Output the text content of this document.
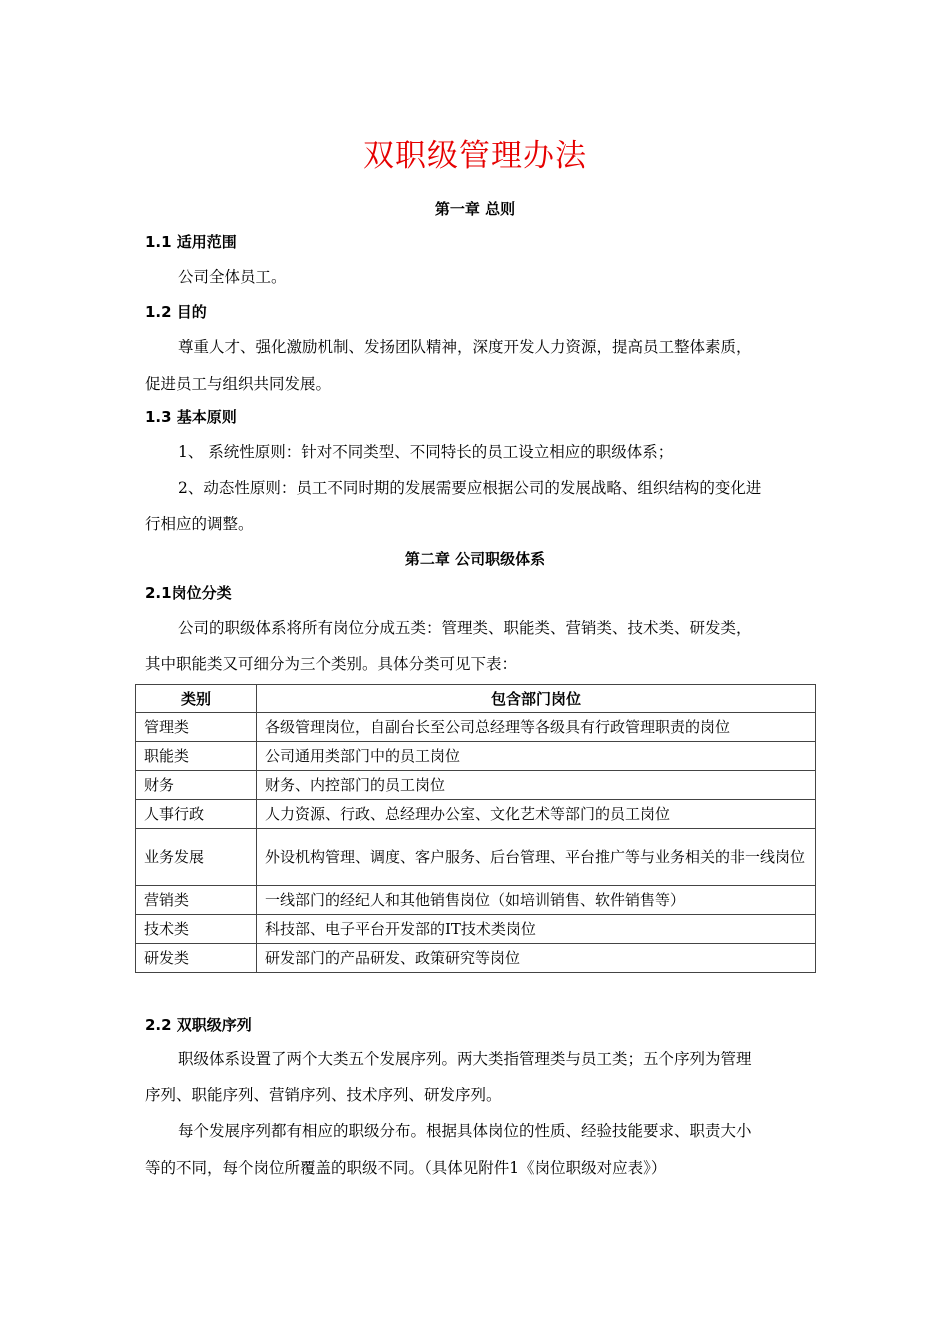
双职级管理办法

第一章 总则

1.1 适用范围

公司全体员工。

1.2 目的

尊重人才、强化激励机制、发扬团队精神，深度开发人力资源，提高员工整体素质，

促进员工与组织共同发展。

1.3 基本原则

1、 系统性原则：针对不同类型、不同特长的员工设立相应的职级体系；

2、动态性原则：员工不同时期的发展需要应根据公司的发展战略、组织结构的变化进

行相应的调整。

第二章 公司职级体系

2.1岗位分类

公司的职级体系将所有岗位分成五类：管理类、职能类、营销类、技术类、研发类，

其中职能类又可细分为三个类别。具体分类可见下表：

类别	包含部门岗位
管理类	各级管理岗位，自副台长至公司总经理等各级具有行政管理职责的岗位
职能类	公司通用类部门中的员工岗位
财务	财务、内控部门的员工岗位
人事行政	人力资源、行政、总经理办公室、文化艺术等部门的员工岗位
业务发展	外设机构管理、调度、客户服务、后台管理、平台推广等与业务相关的非一线岗位
营销类	一线部门的经纪人和其他销售岗位（如培训销售、软件销售等）
技术类	科技部、电子平台开发部的IT技术类岗位
研发类	研发部门的产品研发、政策研究等岗位

2.2 双职级序列

职级体系设置了两个大类五个发展序列。两大类指管理类与员工类；五个序列为管理

序列、职能序列、营销序列、技术序列、研发序列。

每个发展序列都有相应的职级分布。根据具体岗位的性质、经验技能要求、职责大小

等的不同，每个岗位所覆盖的职级不同。（具体见附件1《岗位职级对应表》）
